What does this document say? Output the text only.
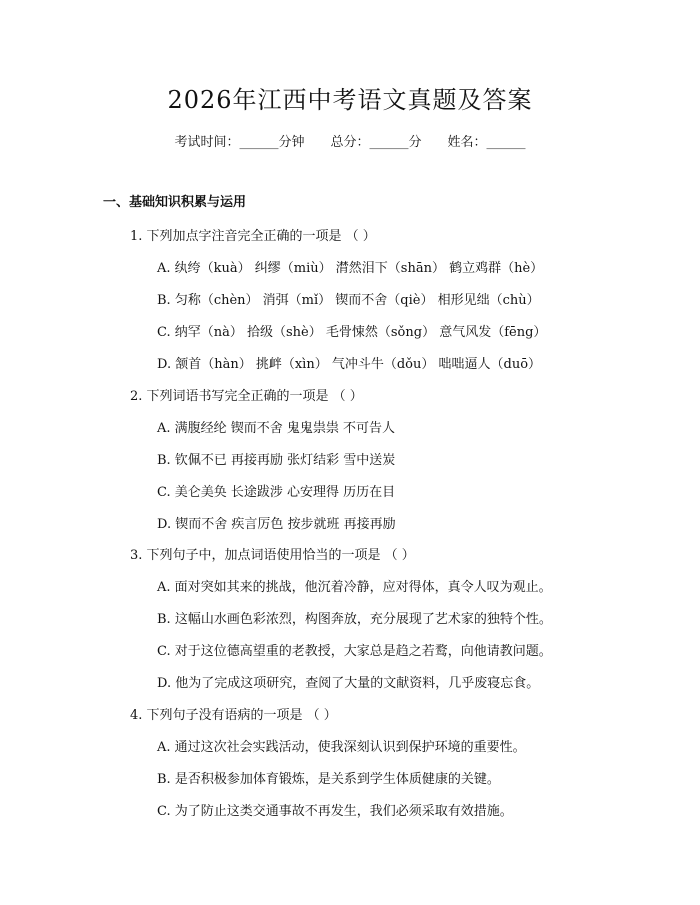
2026年江西中考语文真题及答案
考试时间：______分钟 总分：______分 姓名：______
一、基础知识积累与运用
1. 下列加点字注音完全正确的一项是 （ ）
A. 纨绔（kuà） 纠缪（miù） 潸然泪下（shān） 鹤立鸡群（hè）
B. 匀称（chèn） 消弭（mǐ） 锲而不舍（qiè） 相形见绌（chù）
C. 纳罕（nà） 拾级（shè） 毛骨悚然（sǒng） 意气风发（fēng）
D. 颔首（hàn） 挑衅（xìn） 气冲斗牛（dǒu） 咄咄逼人（duō）
2. 下列词语书写完全正确的一项是 （ ）
A. 满腹经纶 锲而不舍 鬼鬼祟祟 不可告人
B. 钦佩不已 再接再励 张灯结彩 雪中送炭
C. 美仑美奂 长途跋涉 心安理得 历历在目
D. 锲而不舍 疾言厉色 按步就班 再接再励
3. 下列句子中，加点词语使用恰当的一项是 （ ）
A. 面对突如其来的挑战，他沉着冷静，应对得体，真令人叹为观止。
B. 这幅山水画色彩浓烈，构图奔放，充分展现了艺术家的独特个性。
C. 对于这位德高望重的老教授，大家总是趋之若鹜，向他请教问题。
D. 他为了完成这项研究，查阅了大量的文献资料，几乎废寝忘食。
4. 下列句子没有语病的一项是 （ ）
A. 通过这次社会实践活动，使我深刻认识到保护环境的重要性。
B. 是否积极参加体育锻炼，是关系到学生体质健康的关键。
C. 为了防止这类交通事故不再发生，我们必须采取有效措施。
